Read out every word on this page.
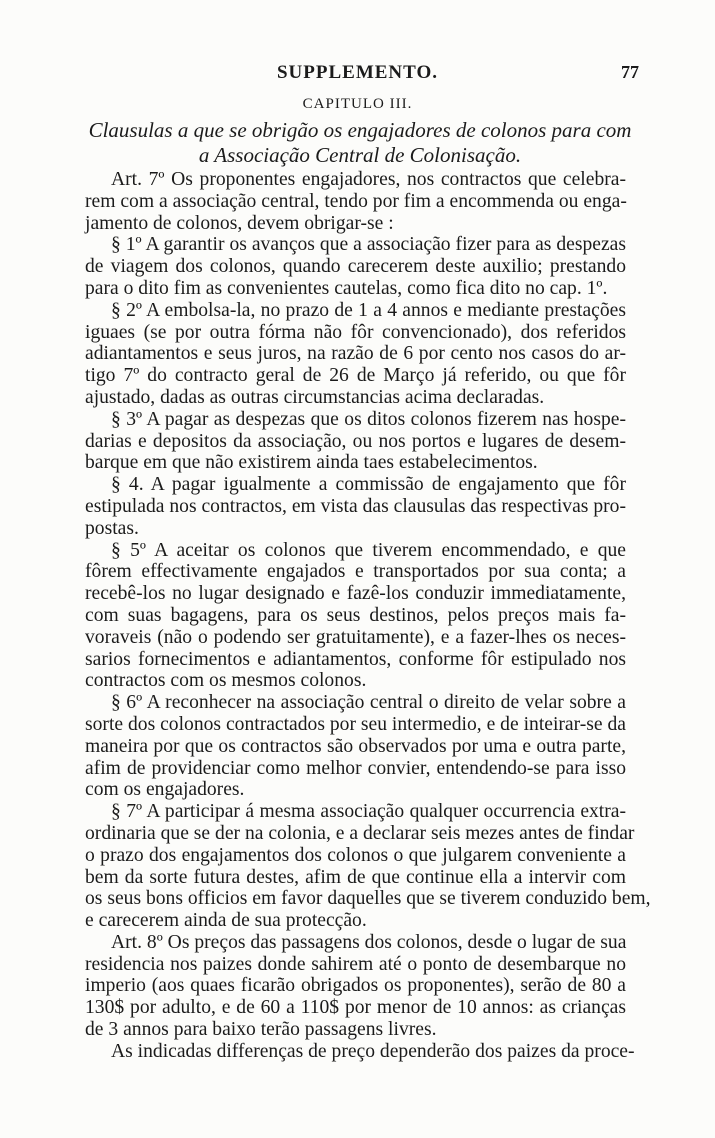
SUPPLEMENTO.	77
CAPITULO III.
Clausulas a que se obrigão os engajadores de colonos para com
a Associação Central de Colonisação.
Art. 7º Os proponentes engajadores, nos contractos que celebra-
rem com a associação central, tendo por fim a encommenda ou enga-
jamento de colonos, devem obrigar-se :
§ 1º A garantir os avanços que a associação fizer para as despezas
de viagem dos colonos, quando carecerem deste auxilio; prestando
para o dito fim as convenientes cautelas, como fica dito no cap. 1º.
§ 2º A embolsa-la, no prazo de 1 a 4 annos e mediante prestações
iguaes (se por outra fórma não fôr convencionado), dos referidos
adiantamentos e seus juros, na razão de 6 por cento nos casos do ar-
tigo 7º do contracto geral de 26 de Março já referido, ou que fôr
ajustado, dadas as outras circumstancias acima declaradas.
§ 3º A pagar as despezas que os ditos colonos fizerem nas hospe-
darias e depositos da associação, ou nos portos e lugares de desem-
barque em que não existirem ainda taes estabelecimentos.
§ 4. A pagar igualmente a commissão de engajamento que fôr
estipulada nos contractos, em vista das clausulas das respectivas pro-
postas.
§ 5º A aceitar os colonos que tiverem encommendado, e que
fôrem effectivamente engajados e transportados por sua conta; a
recebê-los no lugar designado e fazê-los conduzir immediatamente,
com suas bagagens, para os seus destinos, pelos preços mais fa-
voraveis (não o podendo ser gratuitamente), e a fazer-lhes os neces-
sarios fornecimentos e adiantamentos, conforme fôr estipulado nos
contractos com os mesmos colonos.
§ 6º A reconhecer na associação central o direito de velar sobre a
sorte dos colonos contractados por seu intermedio, e de inteirar-se da
maneira por que os contractos são observados por uma e outra parte,
afim de providenciar como melhor convier, entendendo-se para isso
com os engajadores.
§ 7º A participar á mesma associação qualquer occurrencia extra-
ordinaria que se der na colonia, e a declarar seis mezes antes de findar
o prazo dos engajamentos dos colonos o que julgarem conveniente a
bem da sorte futura destes, afim de que continue ella a intervir com
os seus bons officios em favor daquelles que se tiverem conduzido bem,
e carecerem ainda de sua protecção.
Art. 8º Os preços das passagens dos colonos, desde o lugar de sua
residencia nos paizes donde sahirem até o ponto de desembarque no
imperio (aos quaes ficarão obrigados os proponentes), serão de 80 a
130$ por adulto, e de 60 a 110$ por menor de 10 annos: as crianças
de 3 annos para baixo terão passagens livres.
As indicadas differenças de preço dependerão dos paizes da proce-
